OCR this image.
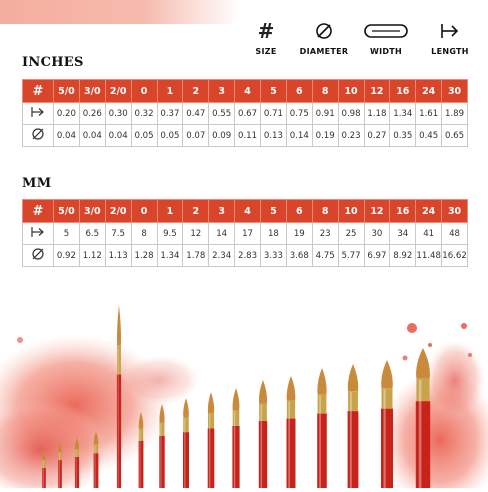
#
SIZE	DIAMETER	WIDTH	LENGTH
INCHES
#	5/0	3/0	2/0	0	1	2	3	4	5	6	8	10	12	16	24	30
	0.20	0.26	0.30	0.32	0.37	0.47	0.55	0.67	0.71	0.75	0.91	0.98	1.18	1.34	1.61	1.89
	0.04	0.04	0.04	0.05	0.05	0.07	0.09	0.11	0.13	0.14	0.19	0.23	0.27	0.35	0.45	0.65
MM
#	5/0	3/0	2/0	0	1	2	3	4	5	6	8	10	12	16	24	30
	5	6.5	7.5	8	9.5	12	14	17	18	19	23	25	30	34	41	48
	0.92	1.12	1.13	1.28	1.34	1.78	2.34	2.83	3.33	3.68	4.75	5.77	6.97	8.92	11.48	16.62
